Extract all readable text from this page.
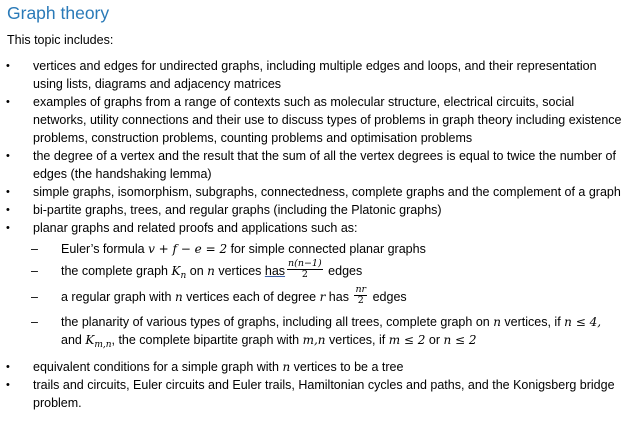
Graph theory

This topic includes:

• vertices and edges for undirected graphs, including multiple edges and loops, and their representation using lists, diagrams and adjacency matrices
• examples of graphs from a range of contexts such as molecular structure, electrical circuits, social networks, utility connections and their use to discuss types of problems in graph theory including existence problems, construction problems, counting problems and optimisation problems
• the degree of a vertex and the result that the sum of all the vertex degrees is equal to twice the number of edges (the handshaking lemma)
• simple graphs, isomorphism, subgraphs, connectedness, complete graphs and the complement of a graph
• bi-partite graphs, trees, and regular graphs (including the Platonic graphs)
• planar graphs and related proofs and applications such as:
– Euler’s formula v + f − e = 2 for simple connected planar graphs
– the complete graph $K_n$ on n vertices has $\frac{n(n-1)}{2}$ edges
– a regular graph with n vertices each of degree r has $\frac{nr}{2}$ edges
– the planarity of various types of graphs, including all trees, complete graph on n vertices, if n ≤ 4,
and $K_{m,n}$, the complete bipartite graph with m,n vertices, if m ≤ 2 or n ≤ 2
• equivalent conditions for a simple graph with n vertices to be a tree
• trails and circuits, Euler circuits and Euler trails, Hamiltonian cycles and paths, and the Konigsberg bridge problem.
